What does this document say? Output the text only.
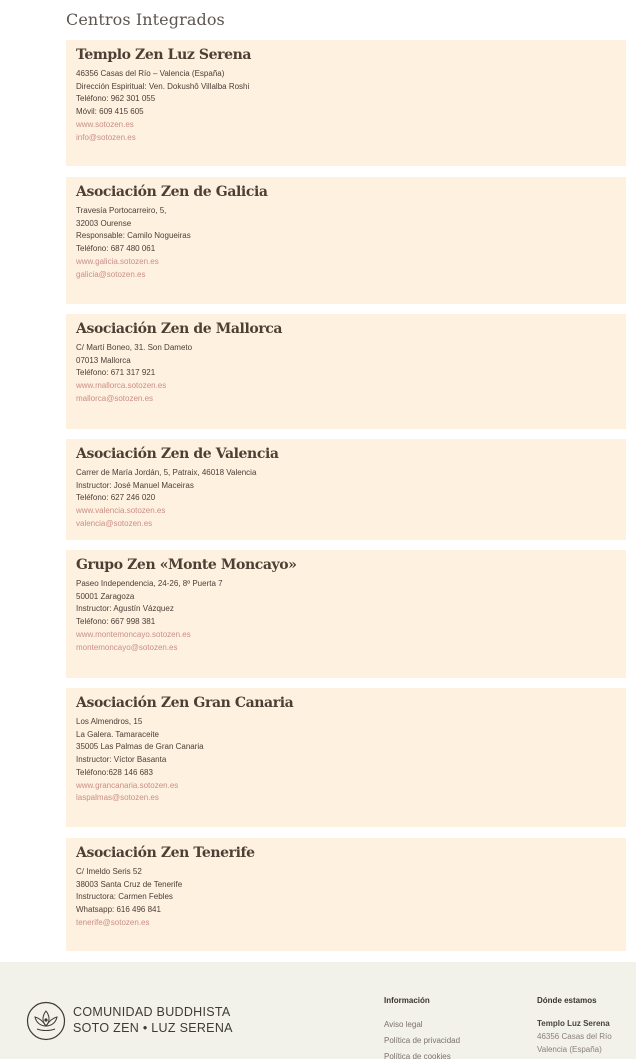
Centros Integrados
Templo Zen Luz Serena
46356 Casas del Río – Valencia (España)
Dirección Espiritual: Ven. Dokushô Villalba Roshi
Teléfono: 962 301 055
Móvil: 609 415 605
www.sotozen.es
info@sotozen.es
Asociación Zen de Galicia
Travesía Portocarreiro, 5,
32003 Ourense
Responsable: Camilo Nogueiras
Teléfono: 687 480 061
www.galicia.sotozen.es
galicia@sotozen.es
Asociación Zen de Mallorca
C/ Martí Boneo, 31. Son Dameto
07013 Mallorca
Teléfono: 671 317 921
www.mallorca.sotozen.es
mallorca@sotozen.es
Asociación Zen de Valencia
Carrer de María Jordán, 5, Patraix, 46018 Valencia
Instructor: José Manuel Maceiras
Teléfono: 627 246 020
www.valencia.sotozen.es
valencia@sotozen.es
Grupo Zen «Monte Moncayo»
Paseo Independencia, 24-26, 8º Puerta 7
50001 Zaragoza
Instructor: Agustín Vázquez
Teléfono: 667 998 381
www.montemoncayo.sotozen.es
montemoncayo@sotozen.es
Asociación Zen Gran Canaria
Los Almendros, 15
La Galera. Tamaraceite
35005 Las Palmas de Gran Canaria
Instructor: Víctor Basanta
Teléfono:628 146 683
www.grancanaria.sotozen.es
laspalmas@sotozen.es
Asociación Zen Tenerife
C/ Imeldo Seris 52
38003 Santa Cruz de Tenerife
Instructora: Carmen Febles
Whatsapp: 616 496 841
tenerife@sotozen.es
COMUNIDAD BUDDHISTA
SOTO ZEN • LUZ SERENA
Información
Aviso legal
Política de privacidad
Política de cookies
Dónde estamos
Templo Luz Serena
46356 Casas del Río
Valencia (España)
